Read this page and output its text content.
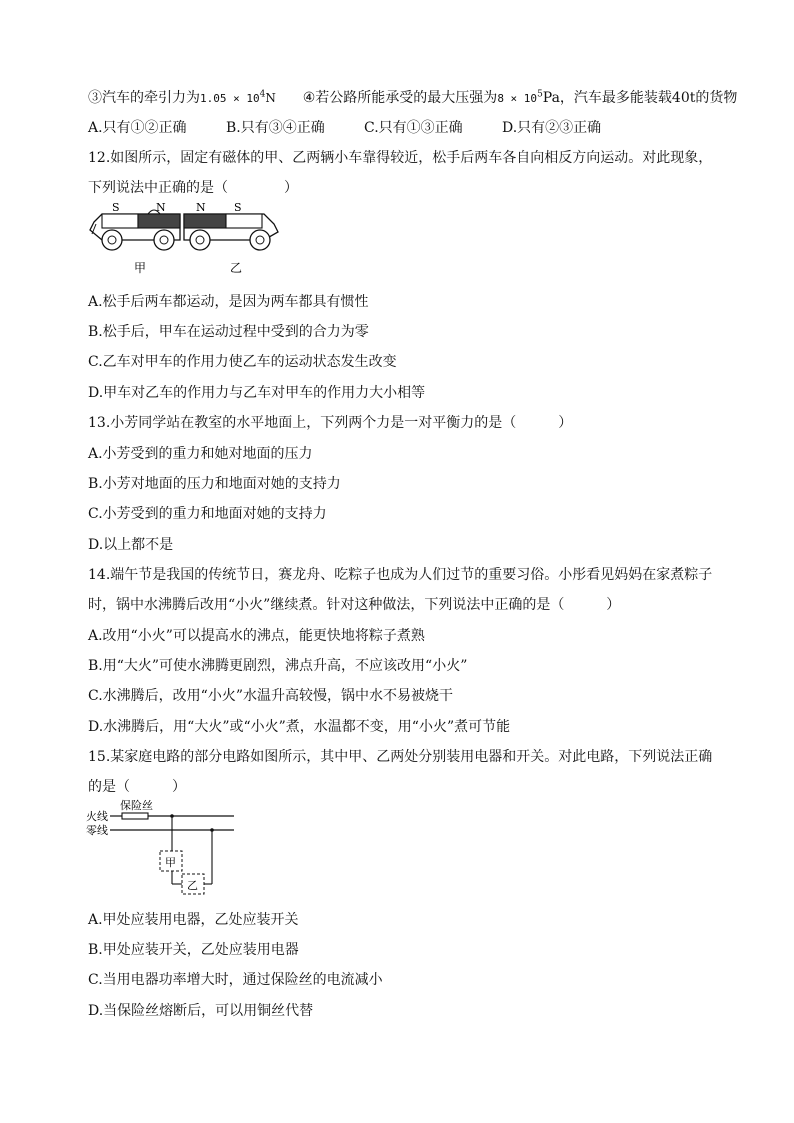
③汽车的牵引力为$1.05 \times 10^4N$ ④若公路所能承受的最大压强为$8 \times 10^5Pa$，汽车最多能装载40t的货物
A.只有①②正确	B.只有③④正确	C.只有①③正确	D.只有②③正确
12.如图所示，固定有磁体的甲、乙两辆小车靠得较近，松手后两车各自向相反方向运动。对此现象，
下列说法中正确的是（　　　　）
S	N	N	S
甲	乙
A.松手后两车都运动，是因为两车都具有惯性
B.松手后，甲车在运动过程中受到的合力为零
C.乙车对甲车的作用力使乙车的运动状态发生改变
D.甲车对乙车的作用力与乙车对甲车的作用力大小相等
13.小芳同学站在教室的水平地面上，下列两个力是一对平衡力的是（　　　）
A.小芳受到的重力和她对地面的压力
B.小芳对地面的压力和地面对她的支持力
C.小芳受到的重力和地面对她的支持力
D.以上都不是
14.端午节是我国的传统节日，赛龙舟、吃粽子也成为人们过节的重要习俗。小彤看见妈妈在家煮粽子
时，锅中水沸腾后改用“小火”继续煮。针对这种做法，下列说法中正确的是（　　　）
A.改用“小火”可以提高水的沸点，能更快地将粽子煮熟
B.用“大火”可使水沸腾更剧烈，沸点升高，不应该改用“小火”
C.水沸腾后，改用“小火”水温升高较慢，锅中水不易被烧干
D.水沸腾后，用“大火”或“小火”煮，水温都不变，用“小火”煮可节能
15.某家庭电路的部分电路如图所示，其中甲、乙两处分别装用电器和开关。对此电路，下列说法正确
的是（　　　）
火线
零线
保险丝
甲
乙
A.甲处应装用电器，乙处应装开关
B.甲处应装开关，乙处应装用电器
C.当用电器功率增大时，通过保险丝的电流减小
D.当保险丝熔断后，可以用铜丝代替
